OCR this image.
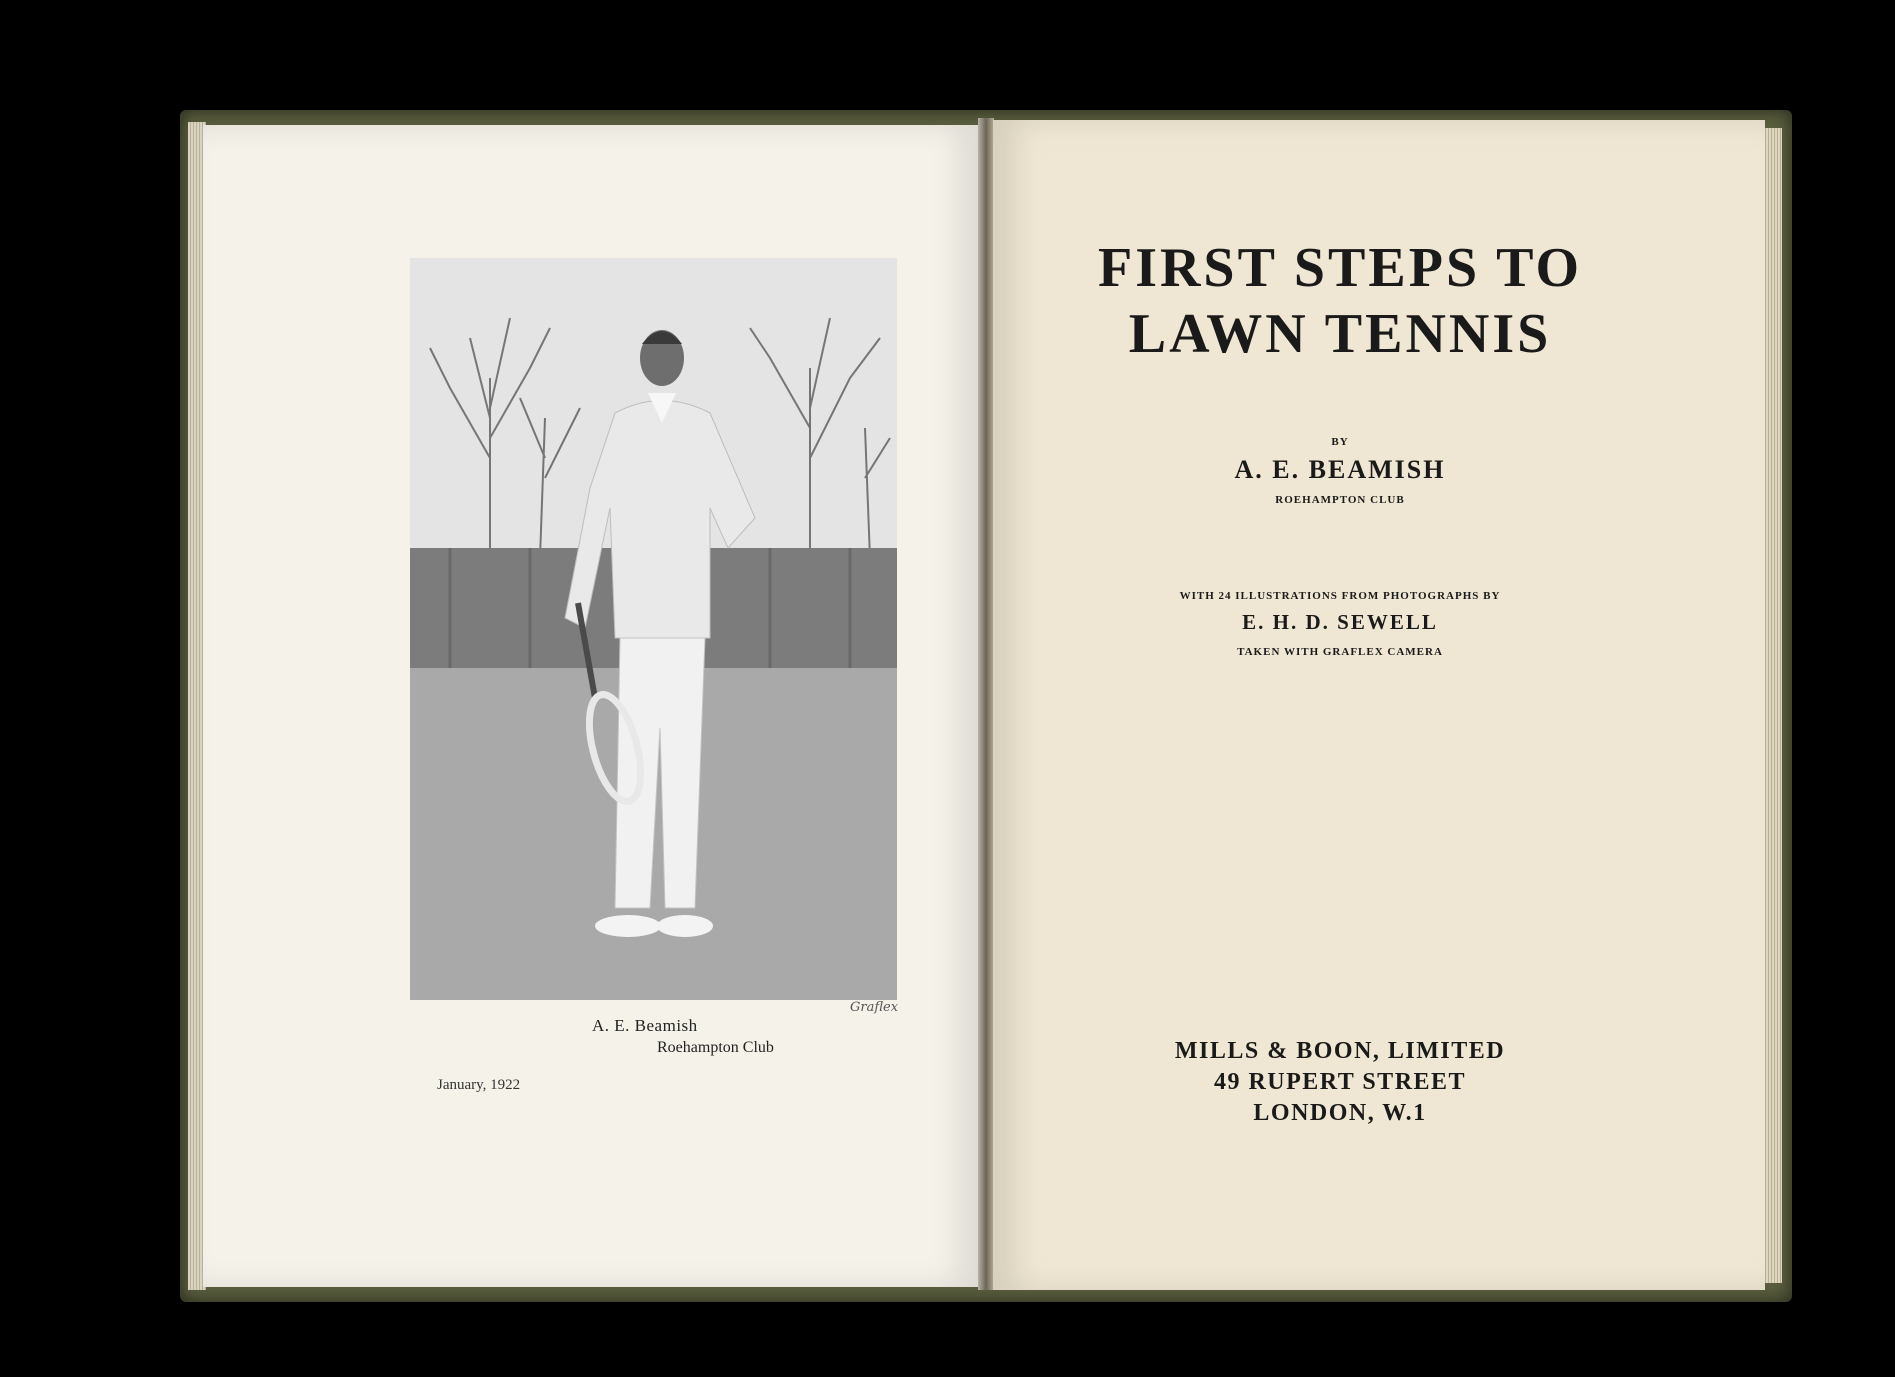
Graflex
A. E. Beamish
Roehampton Club
January, 1922
FIRST STEPS TO
LAWN TENNIS
BY
A. E. BEAMISH
ROEHAMPTON CLUB
WITH 24 ILLUSTRATIONS FROM PHOTOGRAPHS BY
E. H. D. SEWELL
TAKEN WITH GRAFLEX CAMERA
MILLS & BOON, LIMITED
49 RUPERT STREET
LONDON, W.1
